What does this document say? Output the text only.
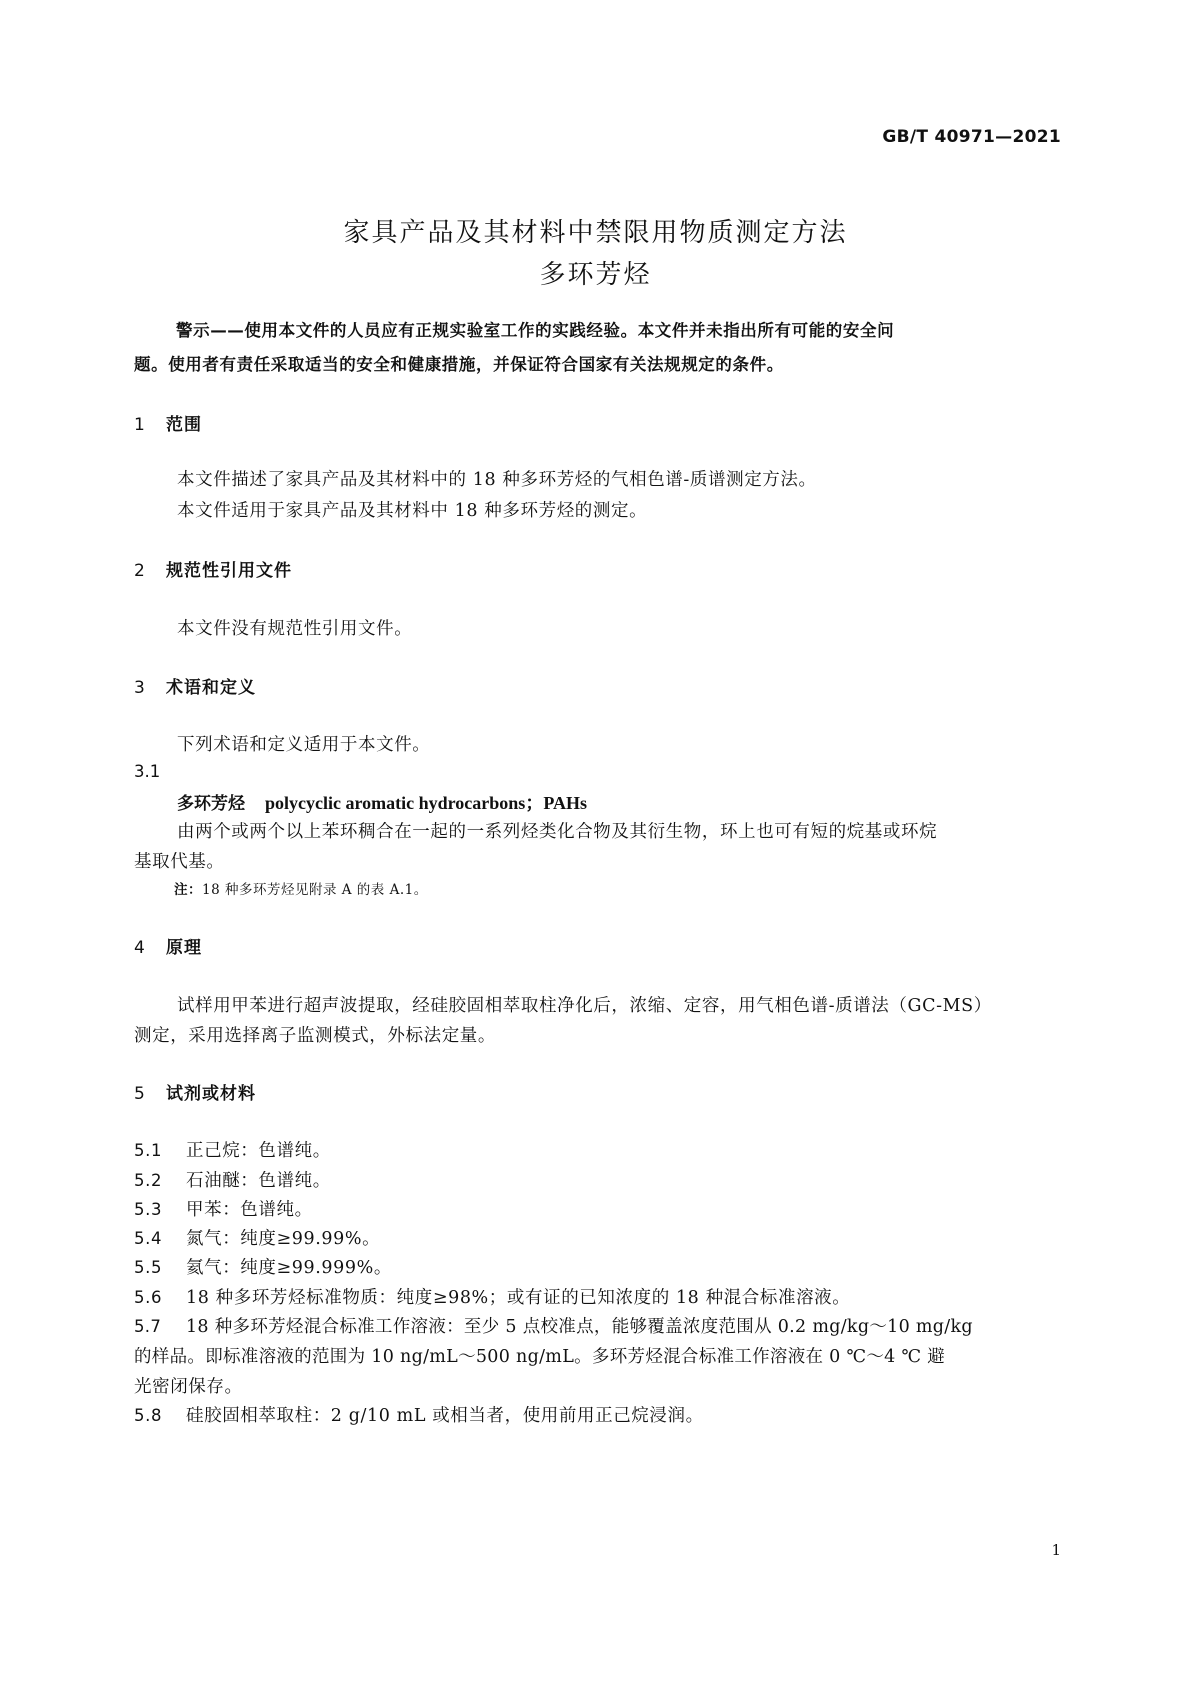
GB/T 40971—2021
家具产品及其材料中禁限用物质测定方法
多环芳烃
警示——使用本文件的人员应有正规实验室工作的实践经验。本文件并未指出所有可能的安全问
题。使用者有责任采取适当的安全和健康措施，并保证符合国家有关法规规定的条件。
1 范围
本文件描述了家具产品及其材料中的 18 种多环芳烃的气相色谱-质谱测定方法。
本文件适用于家具产品及其材料中 18 种多环芳烃的测定。
2 规范性引用文件
本文件没有规范性引用文件。
3 术语和定义
下列术语和定义适用于本文件。
3.1
多环芳烃 polycyclic aromatic hydrocarbons；PAHs
由两个或两个以上苯环稠合在一起的一系列烃类化合物及其衍生物，环上也可有短的烷基或环烷
基取代基。
注：18 种多环芳烃见附录 A 的表 A.1。
4 原理
试样用甲苯进行超声波提取，经硅胶固相萃取柱净化后，浓缩、定容，用气相色谱-质谱法（GC-MS）
测定，采用选择离子监测模式，外标法定量。
5 试剂或材料
5.1 正己烷：色谱纯。
5.2 石油醚：色谱纯。
5.3 甲苯：色谱纯。
5.4 氮气：纯度≥99.99%。
5.5 氦气：纯度≥99.999%。
5.6 18 种多环芳烃标准物质：纯度≥98%；或有证的已知浓度的 18 种混合标准溶液。
5.7 18 种多环芳烃混合标准工作溶液：至少 5 点校准点，能够覆盖浓度范围从 0.2 mg/kg～10 mg/kg
的样品。即标准溶液的范围为 10 ng/mL～500 ng/mL。多环芳烃混合标准工作溶液在 0 ℃～4 ℃ 避
光密闭保存。
5.8 硅胶固相萃取柱：2 g/10 mL 或相当者，使用前用正己烷浸润。
1
